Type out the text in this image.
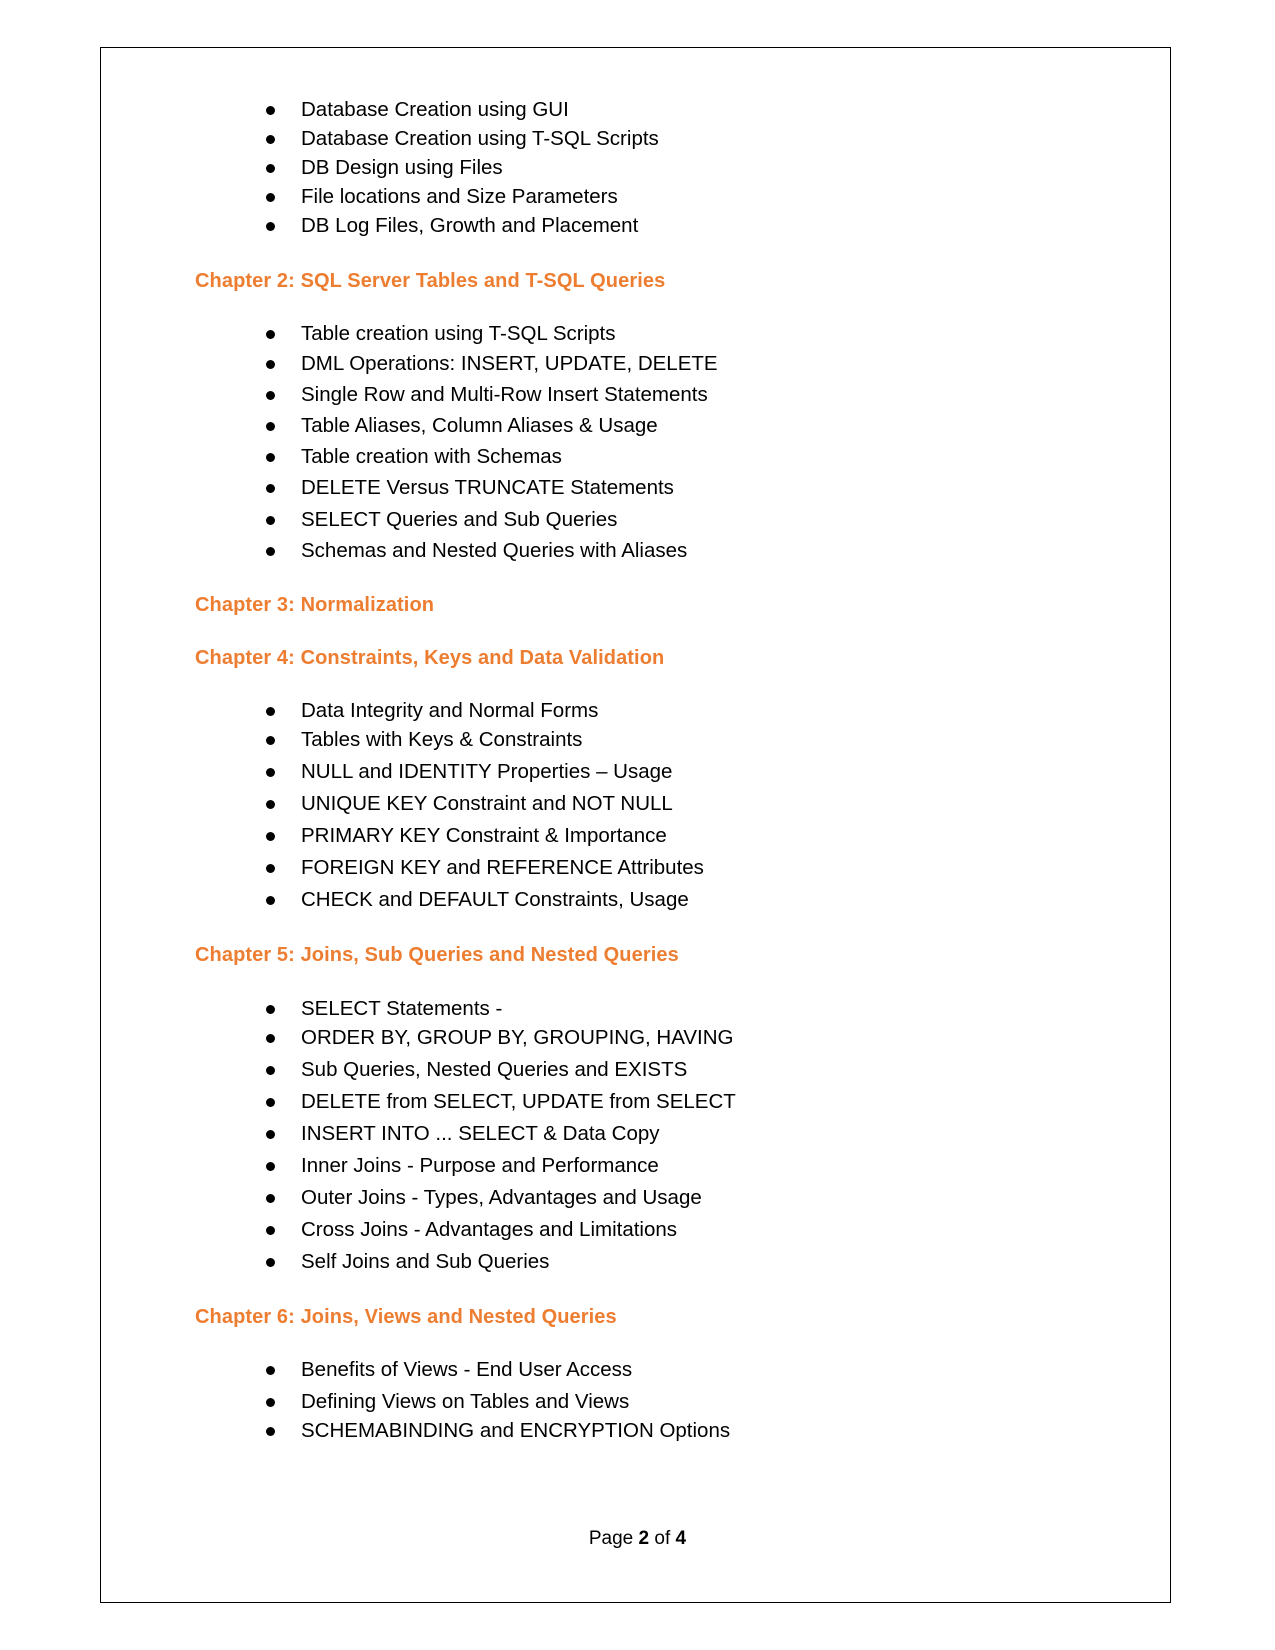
Database Creation using GUI
Database Creation using T-SQL Scripts
DB Design using Files
File locations and Size Parameters
DB Log Files, Growth and Placement
Chapter 2: SQL Server Tables and T-SQL Queries
Table creation using T-SQL Scripts
DML Operations: INSERT, UPDATE, DELETE
Single Row and Multi-Row Insert Statements
Table Aliases, Column Aliases & Usage
Table creation with Schemas
DELETE Versus TRUNCATE Statements
SELECT Queries and Sub Queries
Schemas and Nested Queries with Aliases
Chapter 3: Normalization
Chapter 4: Constraints, Keys and Data Validation
Data Integrity and Normal Forms
Tables with Keys & Constraints
NULL and IDENTITY Properties – Usage
UNIQUE KEY Constraint and NOT NULL
PRIMARY KEY Constraint & Importance
FOREIGN KEY and REFERENCE Attributes
CHECK and DEFAULT Constraints, Usage
Chapter 5: Joins, Sub Queries and Nested Queries
SELECT Statements -
ORDER BY, GROUP BY, GROUPING, HAVING
Sub Queries, Nested Queries and EXISTS
DELETE from SELECT, UPDATE from SELECT
INSERT INTO ... SELECT & Data Copy
Inner Joins - Purpose and Performance
Outer Joins - Types, Advantages and Usage
Cross Joins - Advantages and Limitations
Self Joins and Sub Queries
Chapter 6: Joins, Views and Nested Queries
Benefits of Views - End User Access
Defining Views on Tables and Views
SCHEMABINDING and ENCRYPTION Options
Page 2 of 4
